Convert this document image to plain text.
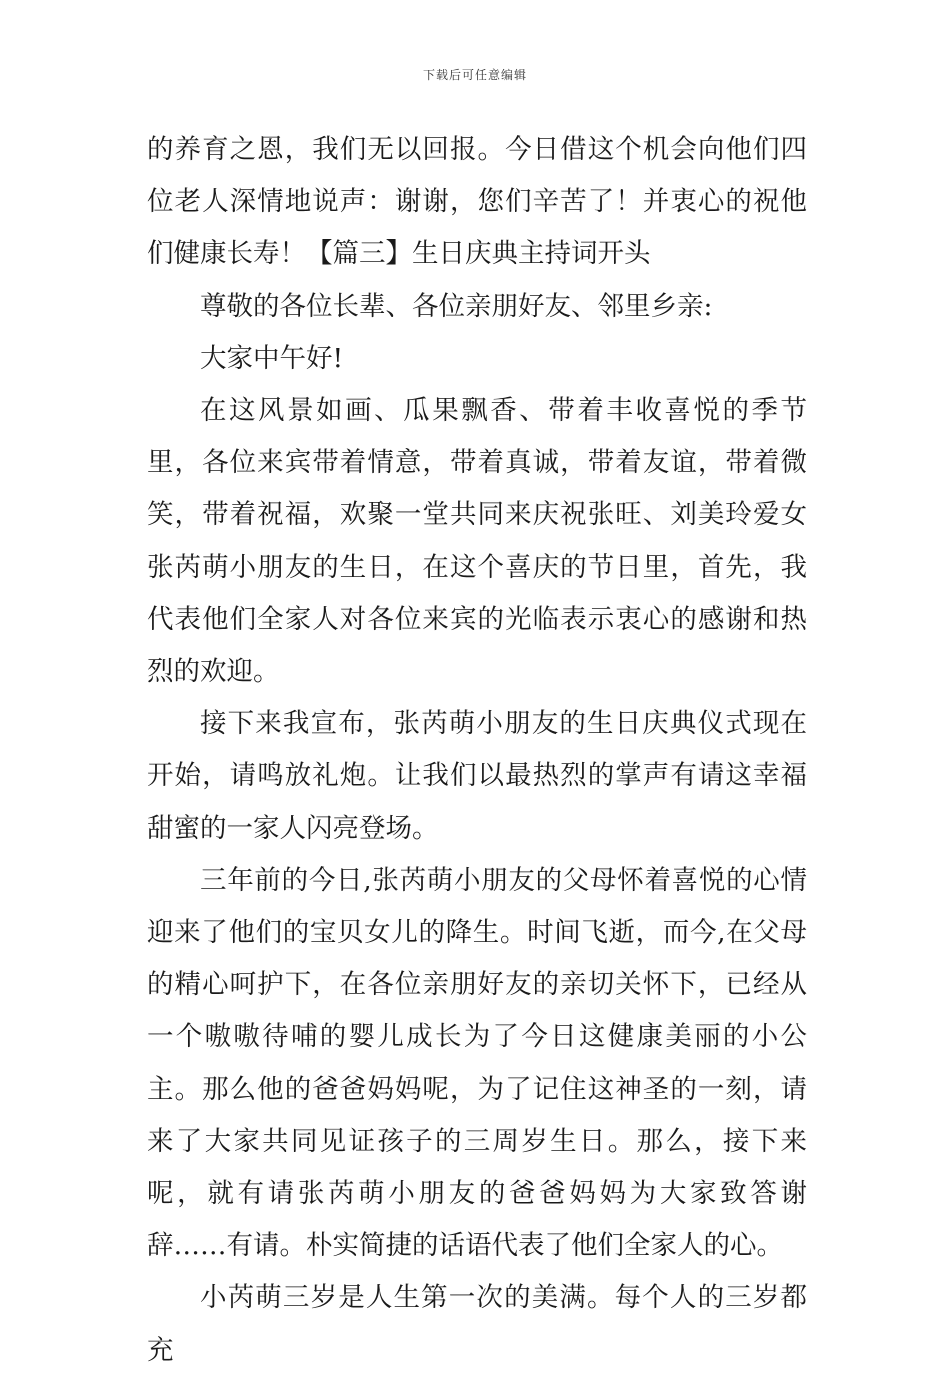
下载后可任意编辑

的养育之恩，我们无以回报。今日借这个机会向他们四位老人深情地说声：谢谢，您们辛苦了！并衷心的祝他们健康长寿！【篇三】生日庆典主持词开头

尊敬的各位长辈、各位亲朋好友、邻里乡亲:

大家中午好!

在这风景如画、瓜果飘香、带着丰收喜悦的季节里，各位来宾带着情意，带着真诚，带着友谊，带着微笑，带着祝福，欢聚一堂共同来庆祝张旺、刘美玲爱女张芮萌小朋友的生日，在这个喜庆的节日里，首先，我代表他们全家人对各位来宾的光临表示衷心的感谢和热烈的欢迎。

接下来我宣布，张芮萌小朋友的生日庆典仪式现在开始，请鸣放礼炮。让我们以最热烈的掌声有请这幸福甜蜜的一家人闪亮登场。

三年前的今日,张芮萌小朋友的父母怀着喜悦的心情迎来了他们的宝贝女儿的降生。时间飞逝，而今,在父母的精心呵护下，在各位亲朋好友的亲切关怀下，已经从一个嗷嗷待哺的婴儿成长为了今日这健康美丽的小公主。那么他的爸爸妈妈呢，为了记住这神圣的一刻，请来了大家共同见证孩子的三周岁生日。那么，接下来呢，就有请张芮萌小朋友的爸爸妈妈为大家致答谢辞……有请。朴实简捷的话语代表了他们全家人的心。

小芮萌三岁是人生第一次的美满。每个人的三岁都充
